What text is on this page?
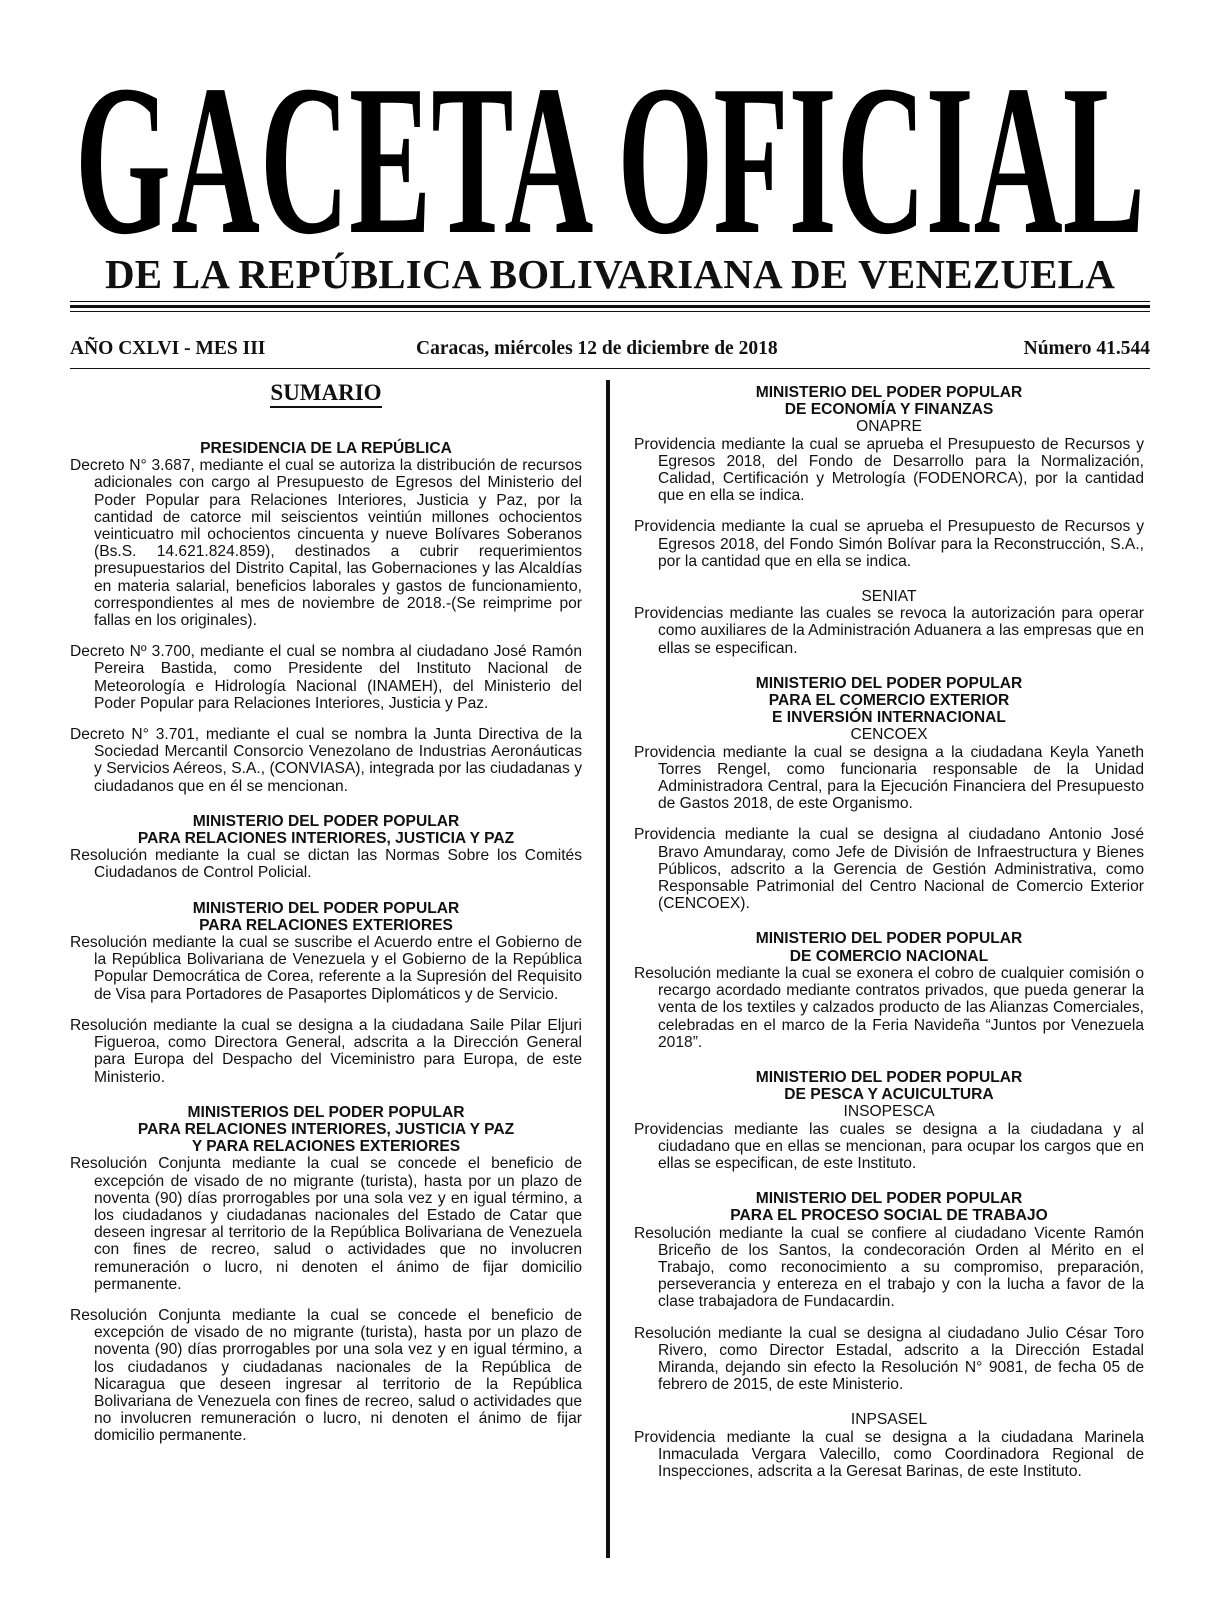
GACETA OFICIAL
DE LA REPÚBLICA BOLIVARIANA DE VENEZUELA
AÑO CXLVI - MES III	Caracas, miércoles 12 de diciembre de 2018	Número 41.544
SUMARIO
PRESIDENCIA DE LA REPÚBLICA
Decreto N° 3.687, mediante el cual se autoriza la distribución de recursos adicionales con cargo al Presupuesto de Egresos del Ministerio del Poder Popular para Relaciones Interiores, Justicia y Paz, por la cantidad de catorce mil seiscientos veintiún millones ochocientos veinticuatro mil ochocientos cincuenta y nueve Bolívares Soberanos (Bs.S. 14.621.824.859), destinados a cubrir requerimientos presupuestarios del Distrito Capital, las Gobernaciones y las Alcaldías en materia salarial, beneficios laborales y gastos de funcionamiento, correspondientes al mes de noviembre de 2018.-(Se reimprime por fallas en los originales).
Decreto Nº 3.700, mediante el cual se nombra al ciudadano José Ramón Pereira Bastida, como Presidente del Instituto Nacional de Meteorología e Hidrología Nacional (INAMEH), del Ministerio del Poder Popular para Relaciones Interiores, Justicia y Paz.
Decreto N° 3.701, mediante el cual se nombra la Junta Directiva de la Sociedad Mercantil Consorcio Venezolano de Industrias Aeronáuticas y Servicios Aéreos, S.A., (CONVIASA), integrada por las ciudadanas y ciudadanos que en él se mencionan.
MINISTERIO DEL PODER POPULAR
PARA RELACIONES INTERIORES, JUSTICIA Y PAZ
Resolución mediante la cual se dictan las Normas Sobre los Comités Ciudadanos de Control Policial.
MINISTERIO DEL PODER POPULAR
PARA RELACIONES EXTERIORES
Resolución mediante la cual se suscribe el Acuerdo entre el Gobierno de la República Bolivariana de Venezuela y el Gobierno de la República Popular Democrática de Corea, referente a la Supresión del Requisito de Visa para Portadores de Pasaportes Diplomáticos y de Servicio.
Resolución mediante la cual se designa a la ciudadana Saile Pilar Eljuri Figueroa, como Directora General, adscrita a la Dirección General para Europa del Despacho del Viceministro para Europa, de este Ministerio.
MINISTERIOS DEL PODER POPULAR
PARA RELACIONES INTERIORES, JUSTICIA Y PAZ
Y PARA RELACIONES EXTERIORES
Resolución Conjunta mediante la cual se concede el beneficio de excepción de visado de no migrante (turista), hasta por un plazo de noventa (90) días prorrogables por una sola vez y en igual término, a los ciudadanos y ciudadanas nacionales del Estado de Catar que deseen ingresar al territorio de la República Bolivariana de Venezuela con fines de recreo, salud o actividades que no involucren remuneración o lucro, ni denoten el ánimo de fijar domicilio permanente.
Resolución Conjunta mediante la cual se concede el beneficio de excepción de visado de no migrante (turista), hasta por un plazo de noventa (90) días prorrogables por una sola vez y en igual término, a los ciudadanos y ciudadanas nacionales de la República de Nicaragua que deseen ingresar al territorio de la República Bolivariana de Venezuela con fines de recreo, salud o actividades que no involucren remuneración o lucro, ni denoten el ánimo de fijar domicilio permanente.
MINISTERIO DEL PODER POPULAR
DE ECONOMÍA Y FINANZAS
ONAPRE
Providencia mediante la cual se aprueba el Presupuesto de Recursos y Egresos 2018, del Fondo de Desarrollo para la Normalización, Calidad, Certificación y Metrología (FODENORCA), por la cantidad que en ella se indica.
Providencia mediante la cual se aprueba el Presupuesto de Recursos y Egresos 2018, del Fondo Simón Bolívar para la Reconstrucción, S.A., por la cantidad que en ella se indica.
SENIAT
Providencias mediante las cuales se revoca la autorización para operar como auxiliares de la Administración Aduanera a las empresas que en ellas se especifican.
MINISTERIO DEL PODER POPULAR
PARA EL COMERCIO EXTERIOR
E INVERSIÓN INTERNACIONAL
CENCOEX
Providencia mediante la cual se designa a la ciudadana Keyla Yaneth Torres Rengel, como funcionaria responsable de la Unidad Administradora Central, para la Ejecución Financiera del Presupuesto de Gastos 2018, de este Organismo.
Providencia mediante la cual se designa al ciudadano Antonio José Bravo Amundaray, como Jefe de División de Infraestructura y Bienes Públicos, adscrito a la Gerencia de Gestión Administrativa, como Responsable Patrimonial del Centro Nacional de Comercio Exterior (CENCOEX).
MINISTERIO DEL PODER POPULAR
DE COMERCIO NACIONAL
Resolución mediante la cual se exonera el cobro de cualquier comisión o recargo acordado mediante contratos privados, que pueda generar la venta de los textiles y calzados producto de las Alianzas Comerciales, celebradas en el marco de la Feria Navideña “Juntos por Venezuela 2018”.
MINISTERIO DEL PODER POPULAR
DE PESCA Y ACUICULTURA
INSOPESCA
Providencias mediante las cuales se designa a la ciudadana y al ciudadano que en ellas se mencionan, para ocupar los cargos que en ellas se especifican, de este Instituto.
MINISTERIO DEL PODER POPULAR
PARA EL PROCESO SOCIAL DE TRABAJO
Resolución mediante la cual se confiere al ciudadano Vicente Ramón Briceño de los Santos, la condecoración Orden al Mérito en el Trabajo, como reconocimiento a su compromiso, preparación, perseverancia y entereza en el trabajo y con la lucha a favor de la clase trabajadora de Fundacardin.
Resolución mediante la cual se designa al ciudadano Julio César Toro Rivero, como Director Estadal, adscrito a la Dirección Estadal Miranda, dejando sin efecto la Resolución N° 9081, de fecha 05 de febrero de 2015, de este Ministerio.
INPSASEL
Providencia mediante la cual se designa a la ciudadana Marinela Inmaculada Vergara Valecillo, como Coordinadora Regional de Inspecciones, adscrita a la Geresat Barinas, de este Instituto.
